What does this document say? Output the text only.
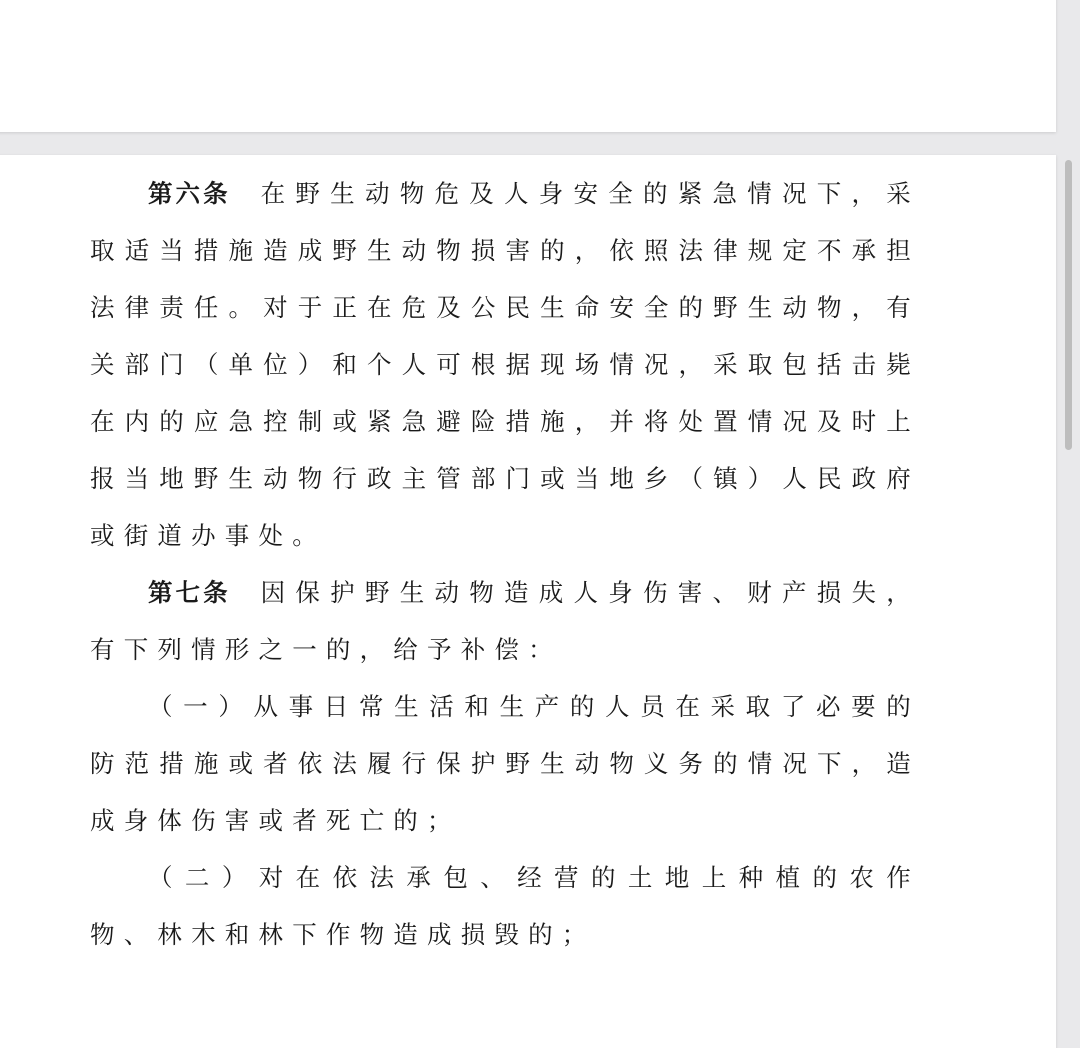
第六条 在野生动物危及人身安全的紧急情况下，采取适当措施造成野生动物损害的，依照法律规定不承担法律责任。对于正在危及公民生命安全的野生动物，有关部门（单位）和个人可根据现场情况，采取包括击毙在内的应急控制或紧急避险措施，并将处置情况及时上报当地野生动物行政主管部门或当地乡（镇）人民政府或街道办事处。

第七条 因保护野生动物造成人身伤害、财产损失，有下列情形之一的，给予补偿：

（一）从事日常生活和生产的人员在采取了必要的防范措施或者依法履行保护野生动物义务的情况下，造成身体伤害或者死亡的；

（二）对在依法承包、经营的土地上种植的农作物、林木和林下作物造成损毁的；
